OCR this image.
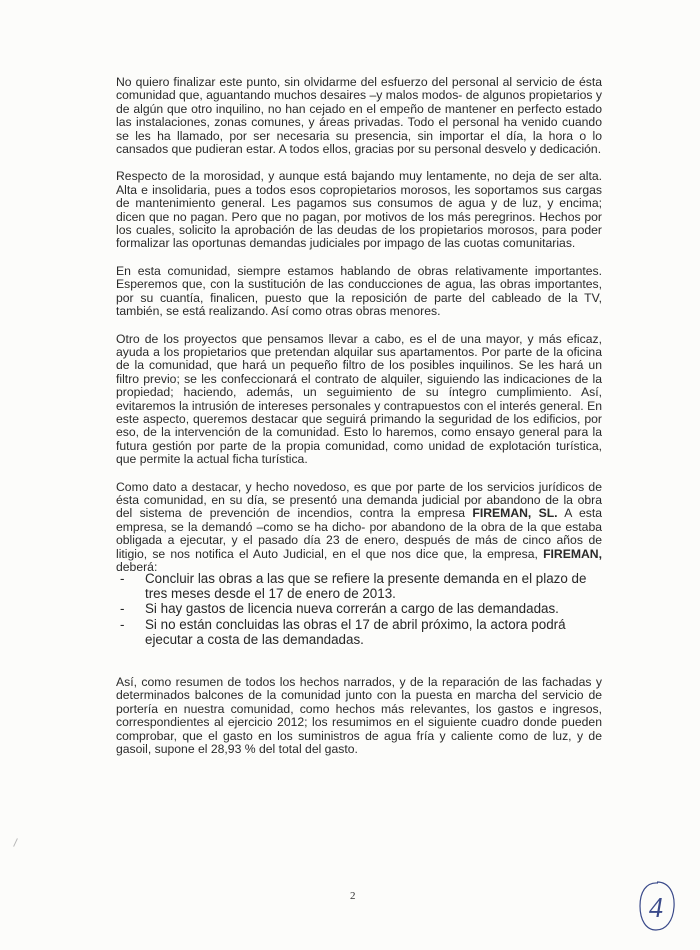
No quiero finalizar este punto, sin olvidarme del esfuerzo del personal al servicio de ésta comunidad que, aguantando muchos desaires –y malos modos- de algunos propietarios y de algún que otro inquilino, no han cejado en el empeño de mantener en perfecto estado las instalaciones, zonas comunes, y áreas privadas. Todo el personal ha venido cuando se les ha llamado, por ser necesaria su presencia, sin importar el día, la hora o lo cansados que pudieran estar. A todos ellos, gracias por su personal desvelo y dedicación.

Respecto de la morosidad, y aunque está bajando muy lentamente, no deja de ser alta. Alta e insolidaria, pues a todos esos copropietarios morosos, les soportamos sus cargas de mantenimiento general. Les pagamos sus consumos de agua y de luz, y encima; dicen que no pagan. Pero que no pagan, por motivos de los más peregrinos. Hechos por los cuales, solicito la aprobación de las deudas de los propietarios morosos, para poder formalizar las oportunas demandas judiciales por impago de las cuotas comunitarias.

En esta comunidad, siempre estamos hablando de obras relativamente importantes. Esperemos que, con la sustitución de las conducciones de agua, las obras importantes, por su cuantía, finalicen, puesto que la reposición de parte del cableado de la TV, también, se está realizando. Así como otras obras menores.

Otro de los proyectos que pensamos llevar a cabo, es el de una mayor, y más eficaz, ayuda a los propietarios que pretendan alquilar sus apartamentos. Por parte de la oficina de la comunidad, que hará un pequeño filtro de los posibles inquilinos. Se les hará un filtro previo; se les confeccionará el contrato de alquiler, siguiendo las indicaciones de la propiedad; haciendo, además, un seguimiento de su íntegro cumplimiento. Así, evitaremos la intrusión de intereses personales y contrapuestos con el interés general. En este aspecto, queremos destacar que seguirá primando la seguridad de los edificios, por eso, de la intervención de la comunidad. Esto lo haremos, como ensayo general para la futura gestión por parte de la propia comunidad, como unidad de explotación turística, que permite la actual ficha turística.

Como dato a destacar, y hecho novedoso, es que por parte de los servicios jurídicos de ésta comunidad, en su día, se presentó una demanda judicial por abandono de la obra del sistema de prevención de incendios, contra la empresa FIREMAN, SL. A esta empresa, se la demandó –como se ha dicho- por abandono de la obra de la que estaba obligada a ejecutar, y el pasado día 23 de enero, después de más de cinco años de litigio, se nos notifica el Auto Judicial, en el que nos dice que, la empresa, FIREMAN, deberá:

- Concluir las obras a las que se refiere la presente demanda en el plazo de tres meses desde el 17 de enero de 2013.

- Si hay gastos de licencia nueva correrán a cargo de las demandadas.

- Si no están concluidas las obras el 17 de abril próximo, la actora podrá ejecutar a costa de las demandadas.

Así, como resumen de todos los hechos narrados, y de la reparación de las fachadas y determinados balcones de la comunidad junto con la puesta en marcha del servicio de portería en nuestra comunidad, como hechos más relevantes, los gastos e ingresos, correspondientes al ejercicio 2012; los resumimos en el siguiente cuadro donde pueden comprobar, que el gasto en los suministros de agua fría y caliente como de luz, y de gasoil, supone el 28,93 % del total del gasto.

2	4
